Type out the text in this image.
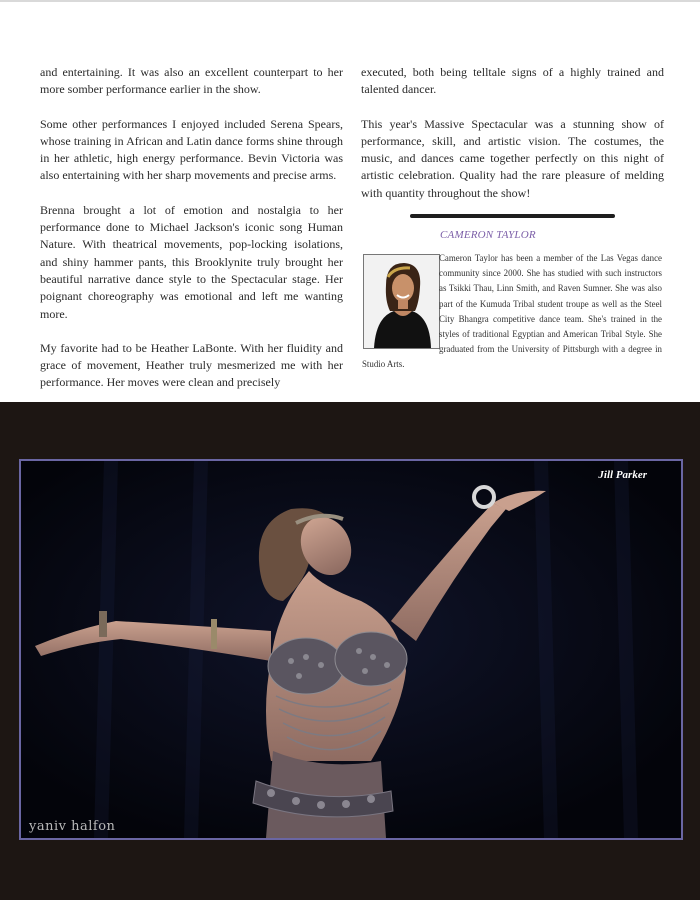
and entertaining. It was also an excellent counterpart to her more somber performance earlier in the show.

Some other performances I enjoyed included Serena Spears, whose training in African and Latin dance forms shine through in her athletic, high energy performance. Bevin Victoria was also entertaining with her sharp movements and precise arms.

Brenna brought a lot of emotion and nostalgia to her performance done to Michael Jackson's iconic song Human Nature. With theatrical movements, pop-locking isolations, and shiny hammer pants, this Brooklynite truly brought her beautiful narrative dance style to the Spectacular stage. Her poignant choreography was emotional and left me wanting more.

My favorite had to be Heather LaBonte. With her fluidity and grace of movement, Heather truly mesmerized me with her performance. Her moves were clean and precisely

executed, both being telltale signs of a highly trained and talented dancer.

This year's Massive Spectacular was a stunning show of performance, skill, and artistic vision. The costumes, the music, and dances came together perfectly on this night of artistic celebration. Quality had the rare pleasure of melding with quantity throughout the show!

CAMERON TAYLOR
Cameron Taylor has been a member of the Las Vegas dance community since 2000. She has studied with such instructors as Tsikki Thau, Linn Smith, and Raven Sumner. She was also part of the Kumuda Tribal student troupe as well as the Steel City Bhangra competitive dance team. She's trained in the styles of traditional Egyptian and American Tribal Style. She graduated from the University of Pittsburgh with a degree in Studio Arts.
Jill Parker
yaniv halfon
